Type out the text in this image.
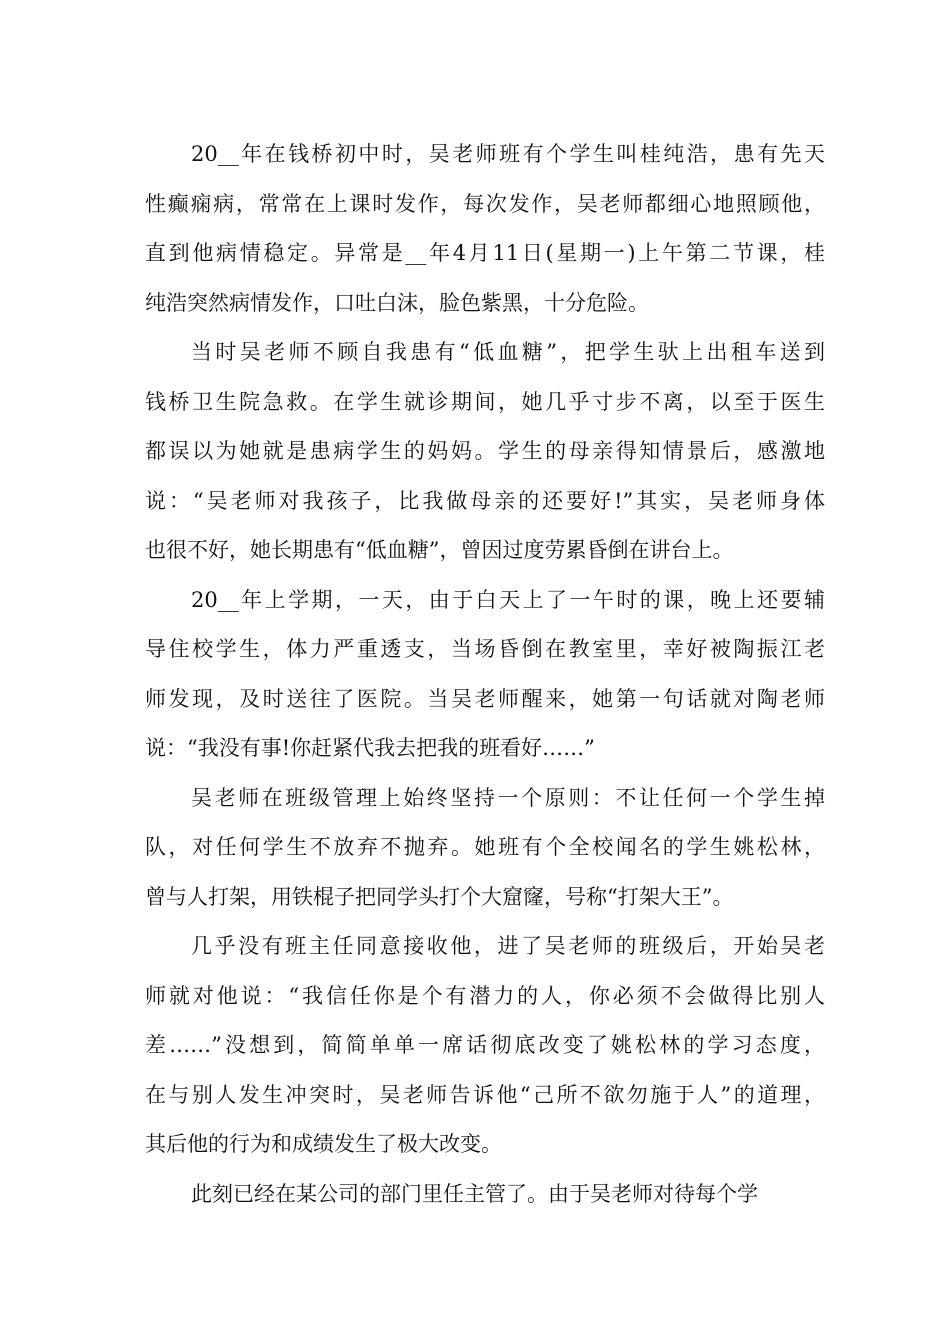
20__年在钱桥初中时，吴老师班有个学生叫桂纯浩，患有先天
性癫痫病，常常在上课时发作，每次发作，吴老师都细心地照顾他，
直到他病情稳定。异常是__年4月11日(星期一)上午第二节课，桂
纯浩突然病情发作，口吐白沫，脸色紫黑，十分危险。
当时吴老师不顾自我患有“低血糖”，把学生驮上出租车送到
钱桥卫生院急救。在学生就诊期间，她几乎寸步不离，以至于医生
都误以为她就是患病学生的妈妈。学生的母亲得知情景后，感激地
说：“吴老师对我孩子，比我做母亲的还要好!”其实，吴老师身体
也很不好，她长期患有“低血糖”，曾因过度劳累昏倒在讲台上。
20__年上学期，一天，由于白天上了一午时的课，晚上还要辅
导住校学生，体力严重透支，当场昏倒在教室里，幸好被陶振江老
师发现，及时送往了医院。当吴老师醒来，她第一句话就对陶老师
说：“我没有事!你赶紧代我去把我的班看好……”
吴老师在班级管理上始终坚持一个原则：不让任何一个学生掉
队，对任何学生不放弃不抛弃。她班有个全校闻名的学生姚松林，
曾与人打架，用铁棍子把同学头打个大窟窿，号称“打架大王”。
几乎没有班主任同意接收他，进了吴老师的班级后，开始吴老
师就对他说：“我信任你是个有潜力的人，你必须不会做得比别人
差……”没想到，简简单单一席话彻底改变了姚松林的学习态度，
在与别人发生冲突时，吴老师告诉他“己所不欲勿施于人”的道理，
其后他的行为和成绩发生了极大改变。
此刻已经在某公司的部门里任主管了。由于吴老师对待每个学
